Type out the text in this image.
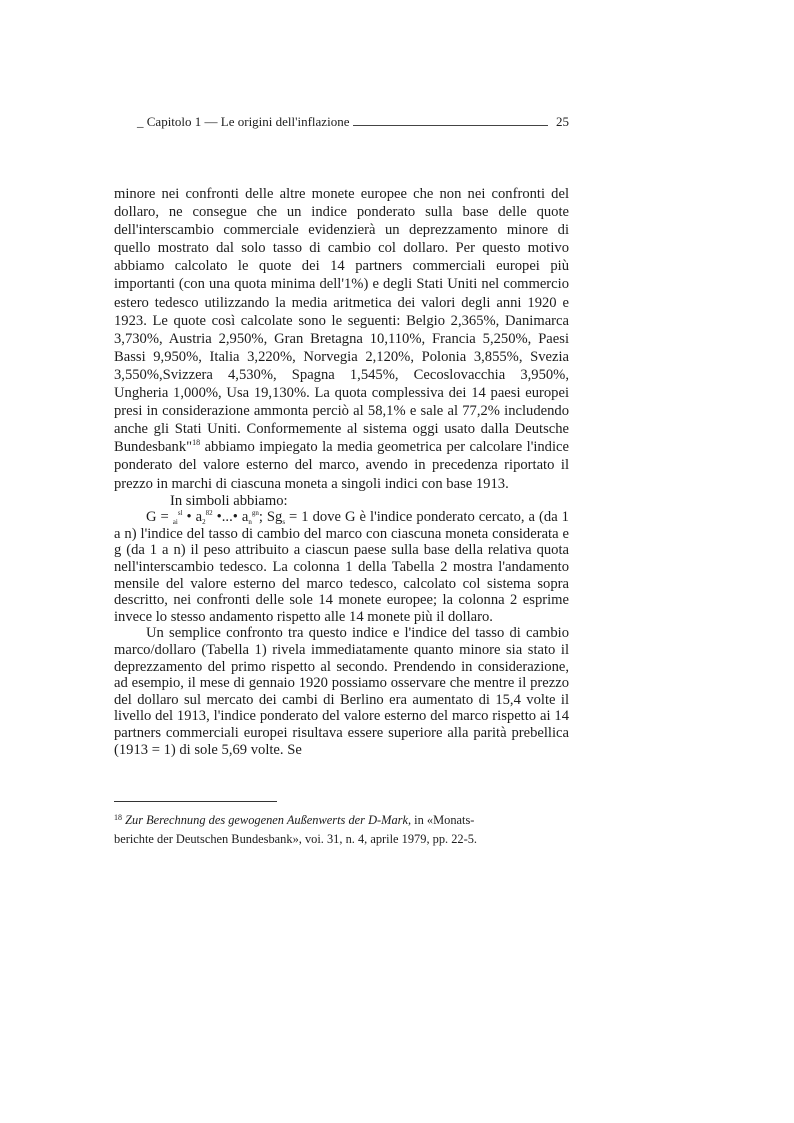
_
Capitolo 1 — Le origini dell'inflazione	25

minore nei confronti delle altre monete europee che non nei confronti del dollaro, ne consegue che un indice ponderato sulla base delle quote dell'interscambio commerciale evidenzierà un deprezzamento minore di quello mostrato dal solo tasso di cambio col dollaro. Per questo motivo abbiamo calcolato le quote dei 14 partners commerciali europei più importanti (con una quota minima dell'1%) e degli Stati Uniti nel commercio estero tedesco utilizzando la media aritmetica dei valori degli anni 1920 e 1923. Le quote così calcolate sono le seguenti: Belgio 2,365%, Danimarca 3,730%, Austria 2,950%, Gran Bretagna 10,110%, Francia 5,250%, Paesi Bassi 9,950%, Italia 3,220%, Norvegia 2,120%, Polonia 3,855%, Svezia 3,550%,Svizzera 4,530%, Spagna 1,545%, Cecoslovacchia 3,950%, Ungheria 1,000%, Usa 19,130%. La quota complessiva dei 14 paesi europei presi in considerazione ammonta perciò al 58,1% e sale al 77,2% includendo anche gli Stati Uniti. Conformemente al sistema oggi usato dalla Deutsche Bundesbank"$^{18}$ abbiamo impiegato la media geometrica per calcolare l'indice ponderato del valore esterno del marco, avendo in precedenza riportato il prezzo in marchi di ciascuna moneta a singoli indici con base 1913.

In simboli abbiamo:

G = $_{ai}^{sl}$ • $a_2^{82}$ •...• $a_n^{gn}$; $Sg_s = 1$ dove G è l'indice ponderato cercato, a (da 1 a n) l'indice del tasso di cambio del marco con ciascuna moneta considerata e g (da 1 a n) il peso attribuito a ciascun paese sulla base della relativa quota nell'interscambio tedesco. La colonna 1 della Tabella 2 mostra l'andamento mensile del valore esterno del marco tedesco, calcolato col sistema sopra descritto, nei confronti delle sole 14 monete europee; la colonna 2 esprime invece lo stesso andamento rispetto alle 14 monete più il dollaro.

Un semplice confronto tra questo indice e l'indice del tasso di cambio marco/dollaro (Tabella 1) rivela immediatamente quanto minore sia stato il deprezzamento del primo rispetto al secondo. Prendendo in considerazione, ad esempio, il mese di gennaio 1920 possiamo osservare che mentre il prezzo del dollaro sul mercato dei cambi di Berlino era aumentato di 15,4 volte il livello del 1913, l'indice ponderato del valore esterno del marco rispetto ai 14 partners commerciali europei risultava essere superiore alla parità prebellica (1913 = 1) di sole 5,69 volte. Se

$^{18}$ Zur Berechnung des gewogenen Außenwerts der D-Mark, in «Monats-
berichte der Deutschen Bundesbank», voi. 31, n. 4, aprile 1979, pp. 22-5.
